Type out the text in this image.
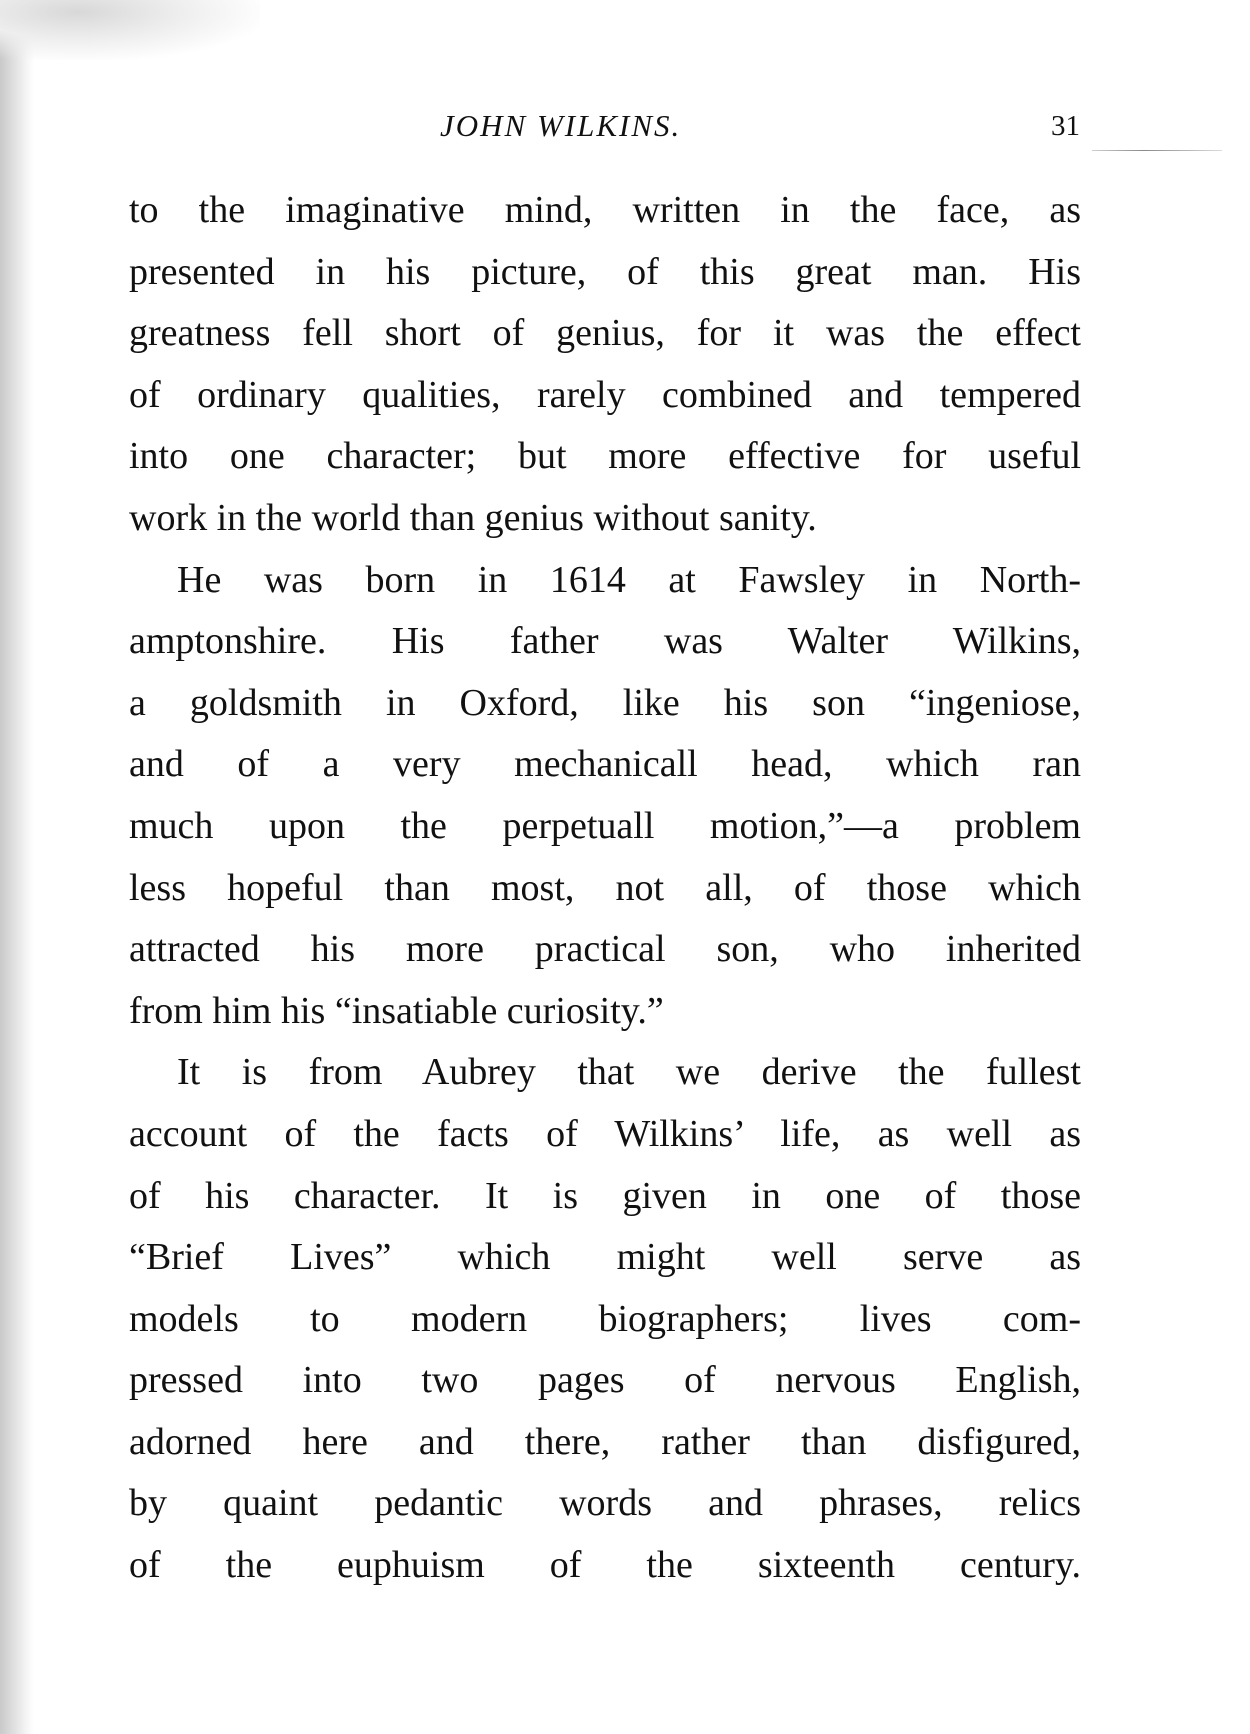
JOHN WILKINS.	31
to the imaginative mind, written in the face, as
presented in his picture, of this great man. His
greatness fell short of genius, for it was the effect
of ordinary qualities, rarely combined and tempered
into one character; but more effective for useful
work in the world than genius without sanity.
He was born in 1614 at Fawsley in North-
amptonshire. His father was Walter Wilkins,
a goldsmith in Oxford, like his son “ingeniose,
and of a very mechanicall head, which ran
much upon the perpetuall motion,”—a problem
less hopeful than most, not all, of those which
attracted his more practical son, who inherited
from him his “insatiable curiosity.”
It is from Aubrey that we derive the fullest
account of the facts of Wilkins’ life, as well as
of his character. It is given in one of those
“Brief Lives” which might well serve as
models to modern biographers; lives com-
pressed into two pages of nervous English,
adorned here and there, rather than disfigured,
by quaint pedantic words and phrases, relics
of the euphuism of the sixteenth century.
